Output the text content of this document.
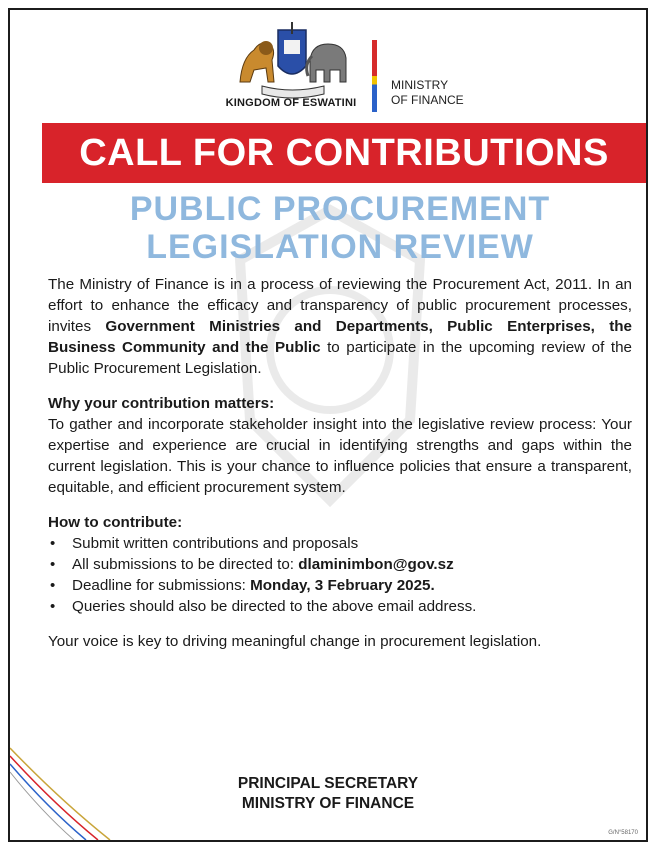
KINGDOM OF ESWATINI
MINISTRY
OF FINANCE
CALL FOR CONTRIBUTIONS
PUBLIC PROCUREMENT
LEGISLATION REVIEW

The Ministry of Finance is in a process of reviewing the Procurement Act, 2011. In an effort to enhance the efficacy and transparency of public procurement processes, invites Government Ministries and Departments, Public Enterprises, the Business Community and the Public to participate in the upcoming review of the Public Procurement Legislation.

Why your contribution matters:

To gather and incorporate stakeholder insight into the legislative review process: Your expertise and experience are crucial in identifying strengths and gaps within the current legislation. This is your chance to influence policies that ensure a transparent, equitable, and efficient procurement system.

How to contribute:
• Submit written contributions and proposals
• All submissions to be directed to: dlaminimbon@gov.sz
• Deadline for submissions: Monday, 3 February 2025.
• Queries should also be directed to the above email address.

Your voice is key to driving meaningful change in procurement legislation.

PRINCIPAL SECRETARY
MINISTRY OF FINANCE
G/N°58170
